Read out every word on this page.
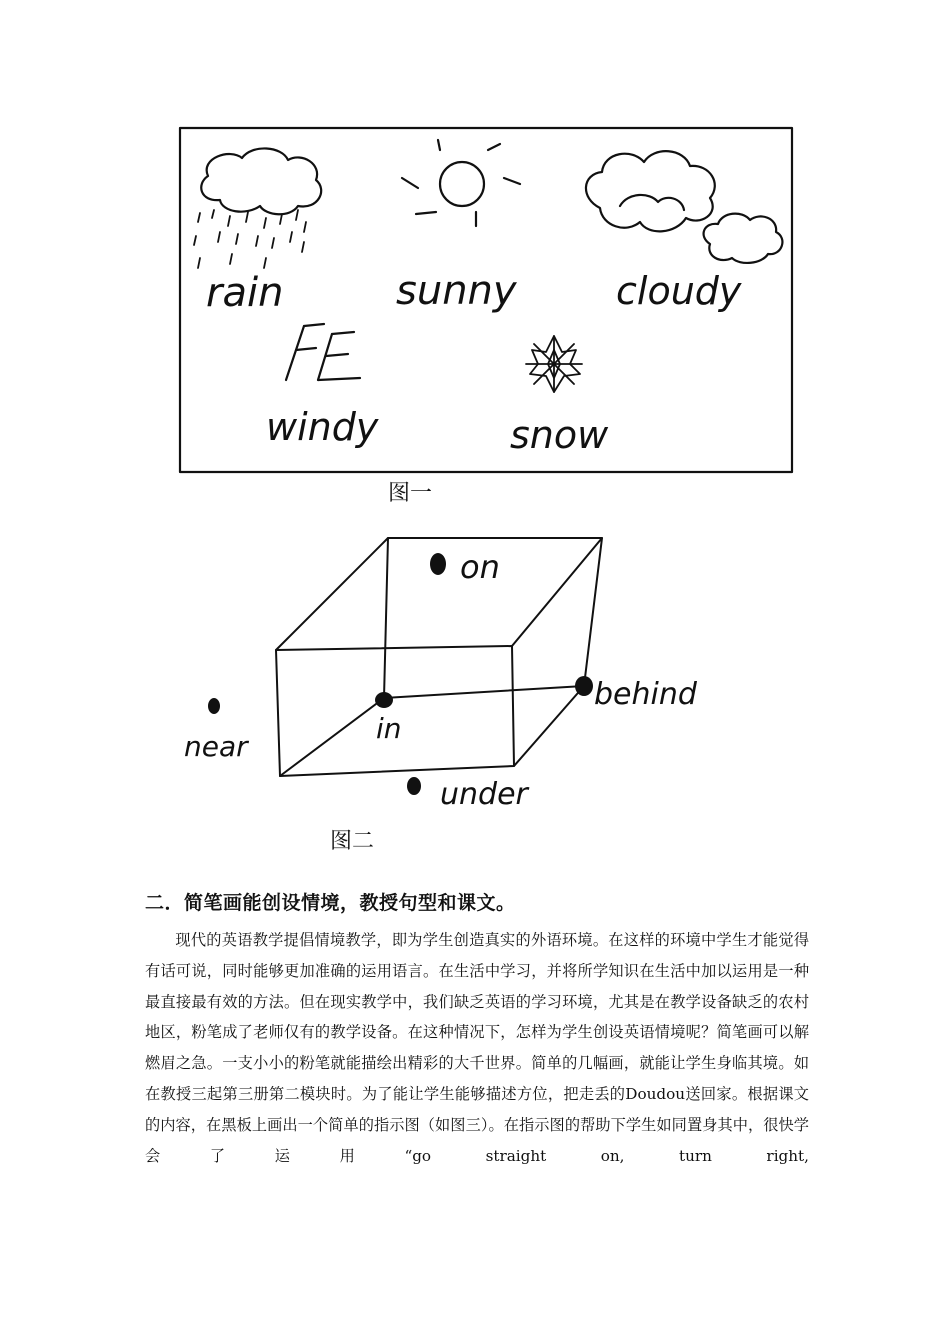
rain	sunny	cloudy
windy	snow
图一
on
behind
near
in
under
图二
二．简笔画能创设情境，教授句型和课文。

现代的英语教学提倡情境教学，即为学生创造真实的外语环境。在这样的环境中学生才能觉得有话可说，同时能够更加准确的运用语言。在生活中学习，并将所学知识在生活中加以运用是一种最直接最有效的方法。但在现实教学中，我们缺乏英语的学习环境，尤其是在教学设备缺乏的农村地区，粉笔成了老师仅有的教学设备。在这种情况下，怎样为学生创设英语情境呢？简笔画可以解燃眉之急。一支小小的粉笔就能描绘出精彩的大千世界。简单的几幅画，就能让学生身临其境。如在教授三起第三册第二模块时。为了能让学生能够描述方位，把走丢的Doudou送回家。根据课文的内容，在黑板上画出一个简单的指示图（如图三）。在指示图的帮助下学生如同置身其中，很快学会了运用“go straight on, turn right,
